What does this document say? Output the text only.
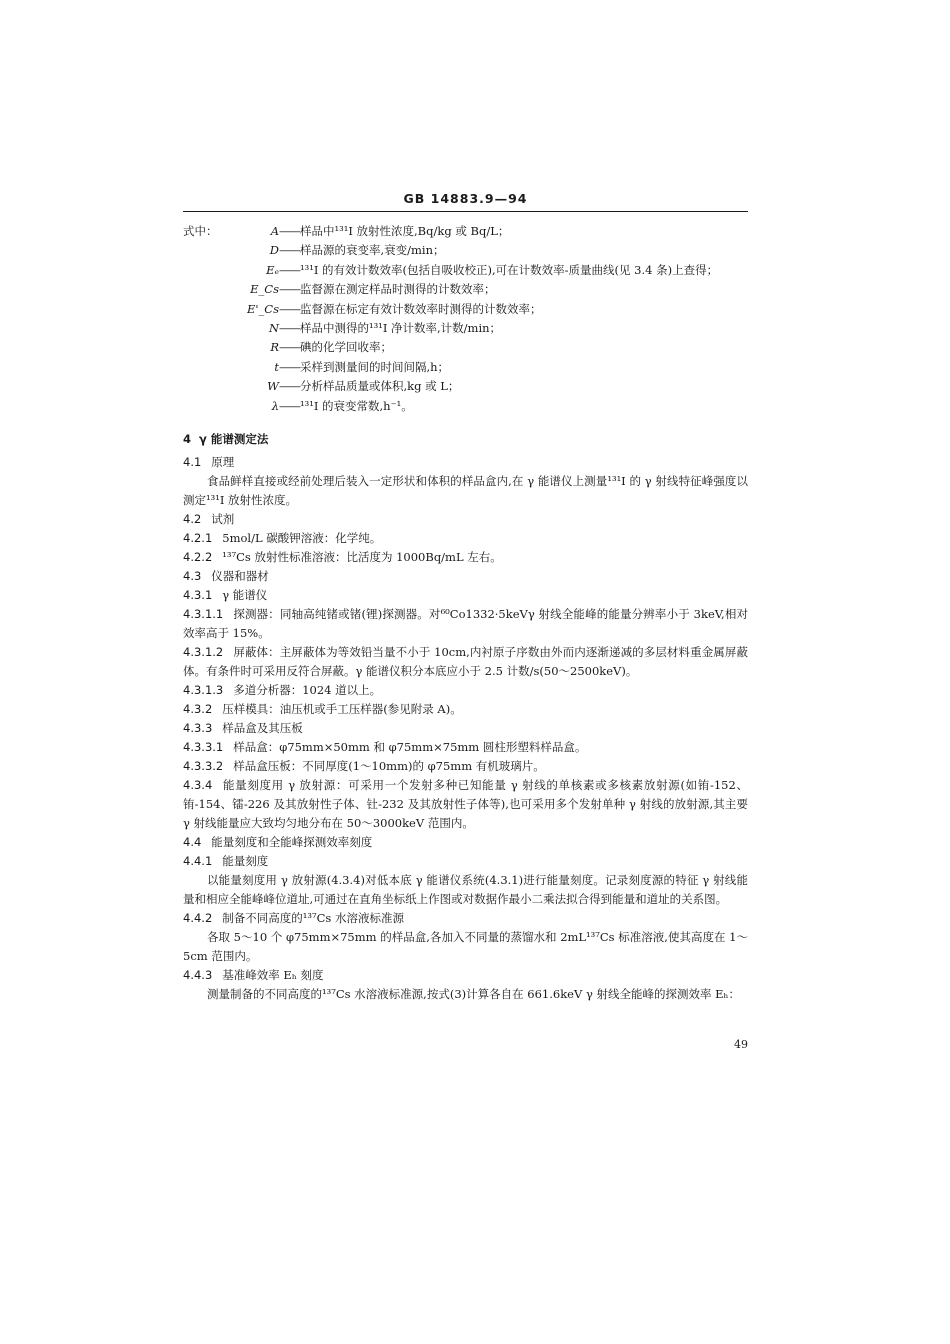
GB 14883.9—94
式中：	A —— 样品中¹³¹I 放射性浓度,Bq/kg 或 Bq/L；
D —— 样品源的衰变率,衰变/min；
Eₑ —— ¹³¹I 的有效计数效率(包括自吸收校正),可在计数效率-质量曲线(见 3.4 条)上查得；
E_Cs —— 监督源在测定样品时测得的计数效率；
E'_Cs —— 监督源在标定有效计数效率时测得的计数效率；
N —— 样品中测得的¹³¹I 净计数率,计数/min；
R —— 碘的化学回收率；
t —— 采样到测量间的时间间隔,h；
W —— 分析样品质量或体积,kg 或 L；
λ —— ¹³¹I 的衰变常数,h⁻¹。
4 γ 能谱测定法
4.1 原理
食品鲜样直接或经前处理后装入一定形状和体积的样品盒内,在 γ 能谱仪上测量¹³¹I 的 γ 射线特征峰强度以测定¹³¹I 放射性浓度。
4.2 试剂
4.2.1 5mol/L 碳酸钾溶液：化学纯。
4.2.2 ¹³⁷Cs 放射性标准溶液：比活度为 1000Bq/mL 左右。
4.3 仪器和器材
4.3.1 γ 能谱仪
4.3.1.1 探测器：同轴高纯锗或锗(锂)探测器。对⁶⁰Co1332·5keVγ 射线全能峰的能量分辨率小于 3keV,相对效率高于 15%。
4.3.1.2 屏蔽体：主屏蔽体为等效铅当量不小于 10cm,内衬原子序数由外而内逐渐递减的多层材料重金属屏蔽体。有条件时可采用反符合屏蔽。γ 能谱仪积分本底应小于 2.5 计数/s(50～2500keV)。
4.3.1.3 多道分析器：1024 道以上。
4.3.2 压样模具：油压机或手工压样器(参见附录 A)。
4.3.3 样品盒及其压板
4.3.3.1 样品盒：φ75mm×50mm 和 φ75mm×75mm 圆柱形塑料样品盒。
4.3.3.2 样品盒压板：不同厚度(1～10mm)的 φ75mm 有机玻璃片。
4.3.4 能量刻度用 γ 放射源：可采用一个发射多种已知能量 γ 射线的单核素或多核素放射源(如铕-152、铕-154、镭-226 及其放射性子体、钍-232 及其放射性子体等),也可采用多个发射单种 γ 射线的放射源,其主要 γ 射线能量应大致均匀地分布在 50～3000keV 范围内。
4.4 能量刻度和全能峰探测效率刻度
4.4.1 能量刻度
以能量刻度用 γ 放射源(4.3.4)对低本底 γ 能谱仪系统(4.3.1)进行能量刻度。记录刻度源的特征 γ 射线能量和相应全能峰峰位道址,可通过在直角坐标纸上作图或对数据作最小二乘法拟合得到能量和道址的关系图。
4.4.2 制备不同高度的¹³⁷Cs 水溶液标准源
各取 5～10 个 φ75mm×75mm 的样品盒,各加入不同量的蒸馏水和 2mL¹³⁷Cs 标准溶液,使其高度在 1～5cm 范围内。
4.4.3 基准峰效率 Eₕ 刻度
测量制备的不同高度的¹³⁷Cs 水溶液标准源,按式(3)计算各自在 661.6keV γ 射线全能峰的探测效率 Eₕ：
49
